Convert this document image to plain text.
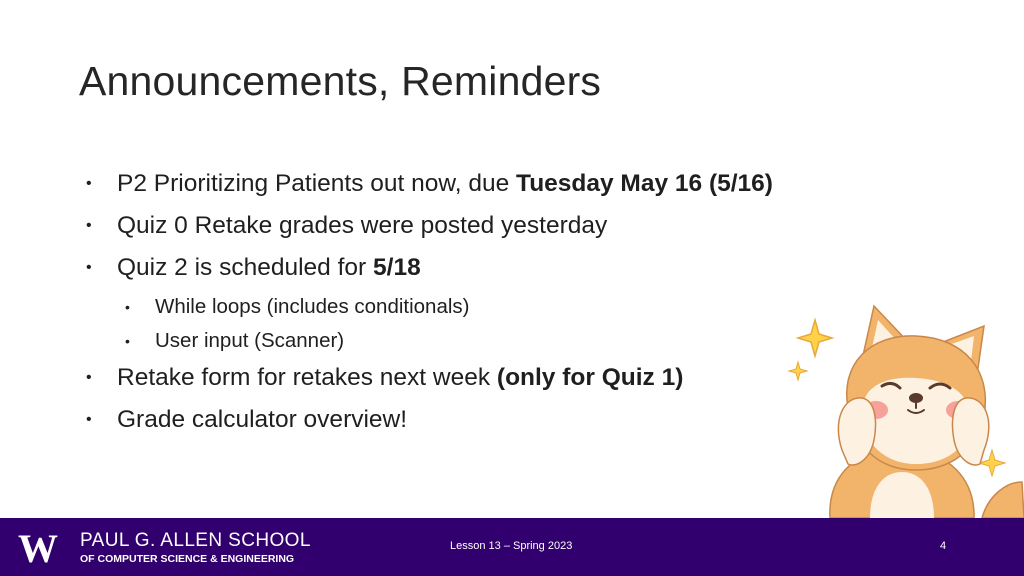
Announcements, Reminders
• P2 Prioritizing Patients out now, due Tuesday May 16 (5/16)
• Quiz 0 Retake grades were posted yesterday
• Quiz 2 is scheduled for 5/18
• While loops (includes conditionals)
• User input (Scanner)
• Retake form for retakes next week (only for Quiz 1)
• Grade calculator overview!
W PAUL G. ALLEN SCHOOL
OF COMPUTER SCIENCE & ENGINEERING
Lesson 13 – Spring 2023	4
